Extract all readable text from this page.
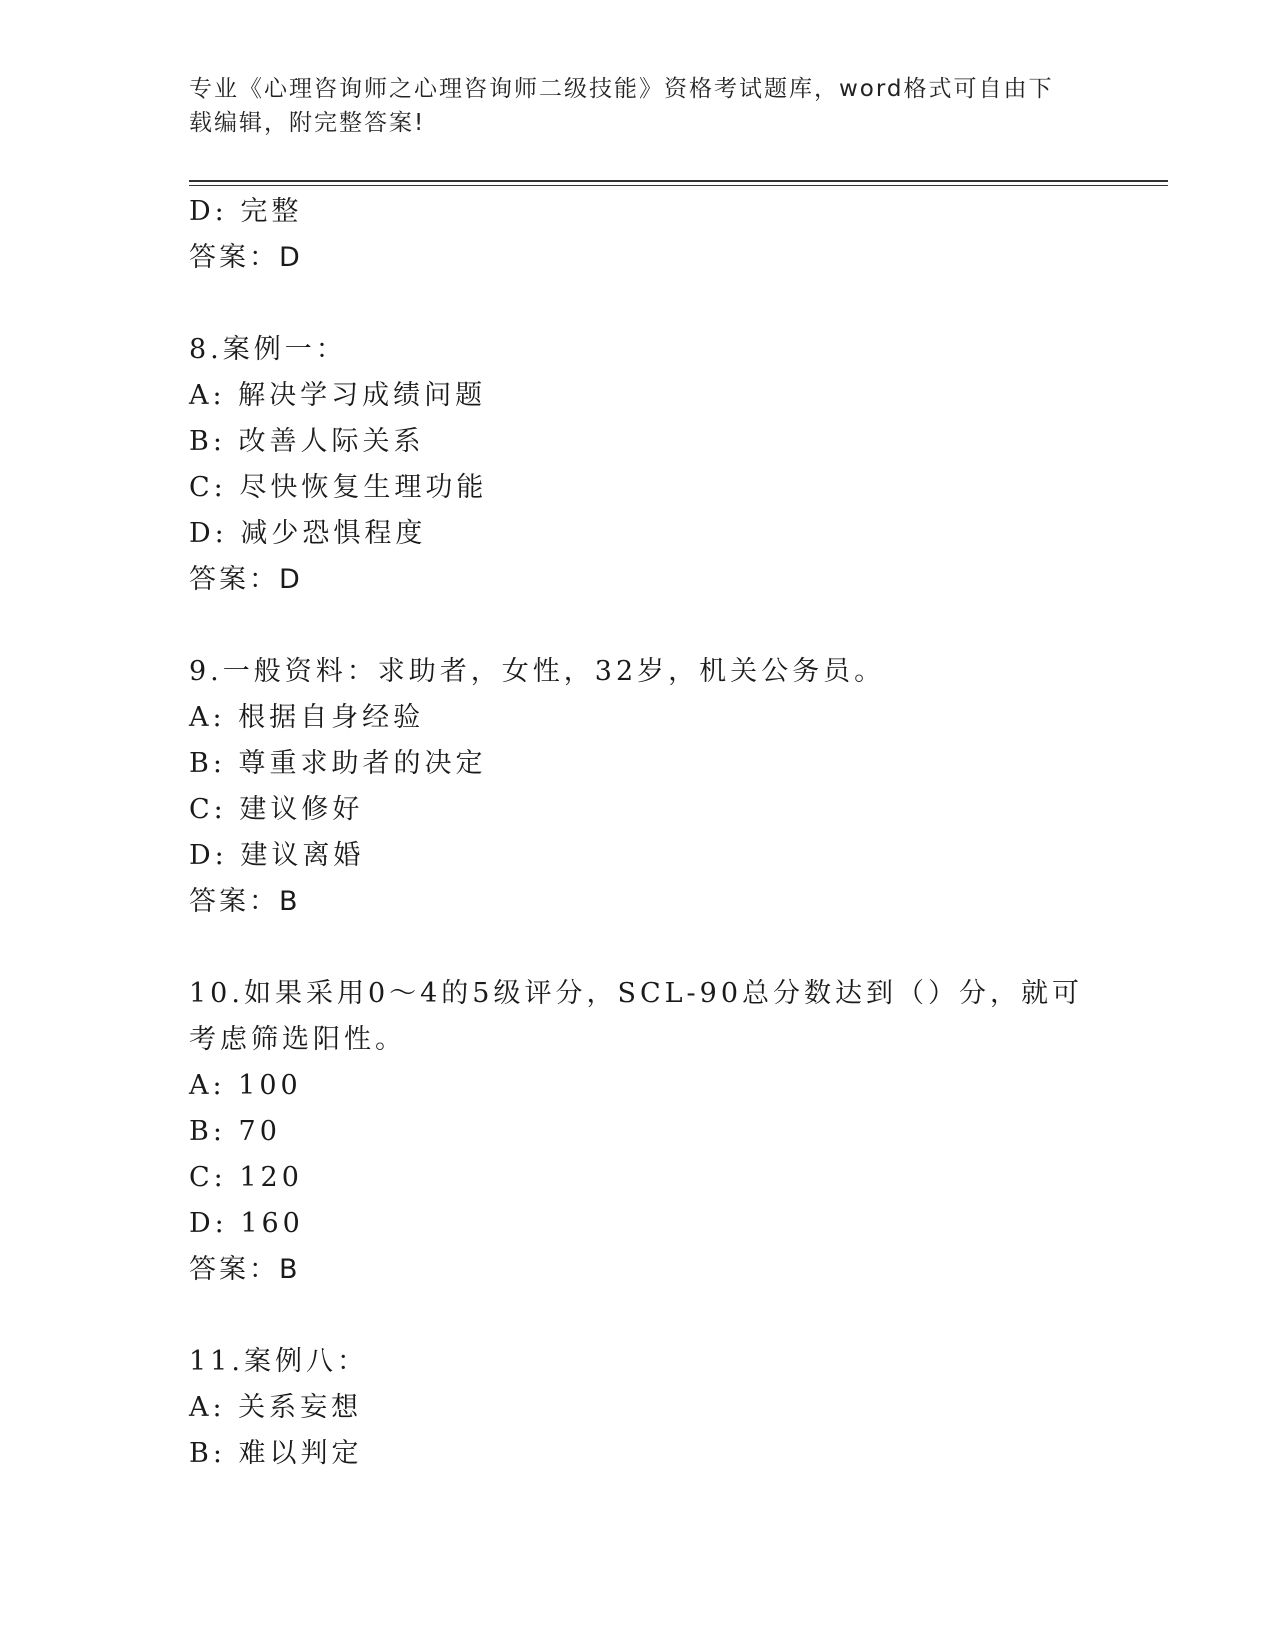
专业《心理咨询师之心理咨询师二级技能》资格考试题库，word格式可自由下载编辑，附完整答案!
D: 完整
答案：D
8.案例一：
A: 解决学习成绩问题
B: 改善人际关系
C: 尽快恢复生理功能
D: 减少恐惧程度
答案：D
9.一般资料：求助者，女性，32岁，机关公务员。
A: 根据自身经验
B: 尊重求助者的决定
C: 建议修好
D: 建议离婚
答案：B
10.如果采用0～4的5级评分，SCL-90总分数达到（）分，就可考虑筛选阳性。
A: 100
B: 70
C: 120
D: 160
答案：B
11.案例八：
A: 关系妄想
B: 难以判定
